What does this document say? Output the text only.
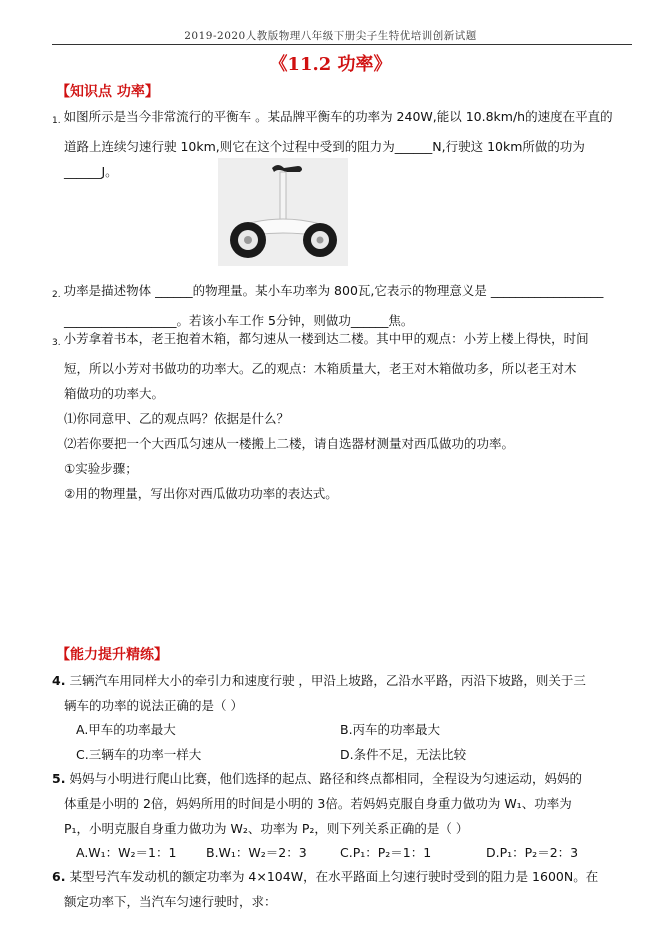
2019-2020人教版物理八年级下册尖子生特优培训创新试题
《11.2 功率》
【知识点 功率】
1. 如图所示是当今非常流行的平衡车 。某品牌平衡车的功率为 240W,能以 10.8km/h的速度在平直的
道路上连续匀速行驶 10km,则它在这个过程中受到的阻力为______N,行驶这 10km所做的功为
______J。
2. 功率是描述物体 ______的物理量。某小车功率为 800瓦,它表示的物理意义是 __________________
__________________。若该小车工作 5分钟，则做功______焦。
3. 小芳拿着书本，老王抱着木箱，都匀速从一楼到达二楼。其中甲的观点：小芳上楼上得快，时间
短，所以小芳对书做功的功率大。乙的观点：木箱质量大，老王对木箱做功多，所以老王对木
箱做功的功率大。
⑴你同意甲、乙的观点吗？依据是什么？
⑵若你要把一个大西瓜匀速从一楼搬上二楼，请自选器材测量对西瓜做功的功率。
①实验步骤；
②用的物理量，写出你对西瓜做功功率的表达式。
【能力提升精练】
4. 三辆汽车用同样大小的牵引力和速度行驶 ，甲沿上坡路，乙沿水平路，丙沿下坡路，则关于三
辆车的功率的说法正确的是（ ）
A.甲车的功率最大	B.丙车的功率最大
C.三辆车的功率一样大	D.条件不足，无法比较
5. 妈妈与小明进行爬山比赛，他们选择的起点、路径和终点都相同，全程设为匀速运动，妈妈的
体重是小明的 2倍，妈妈所用的时间是小明的 3倍。若妈妈克服自身重力做功为 W₁、功率为
P₁，小明克服自身重力做功为 W₂、功率为 P₂，则下列关系正确的是（ ）
A.W₁：W₂＝1：1 B.W₁：W₂＝2：3	C.P₁：P₂＝1：1	D.P₁：P₂＝2：3
6. 某型号汽车发动机的额定功率为 4×104W，在水平路面上匀速行驶时受到的阻力是 1600N。在
额定功率下，当汽车匀速行驶时，求：
